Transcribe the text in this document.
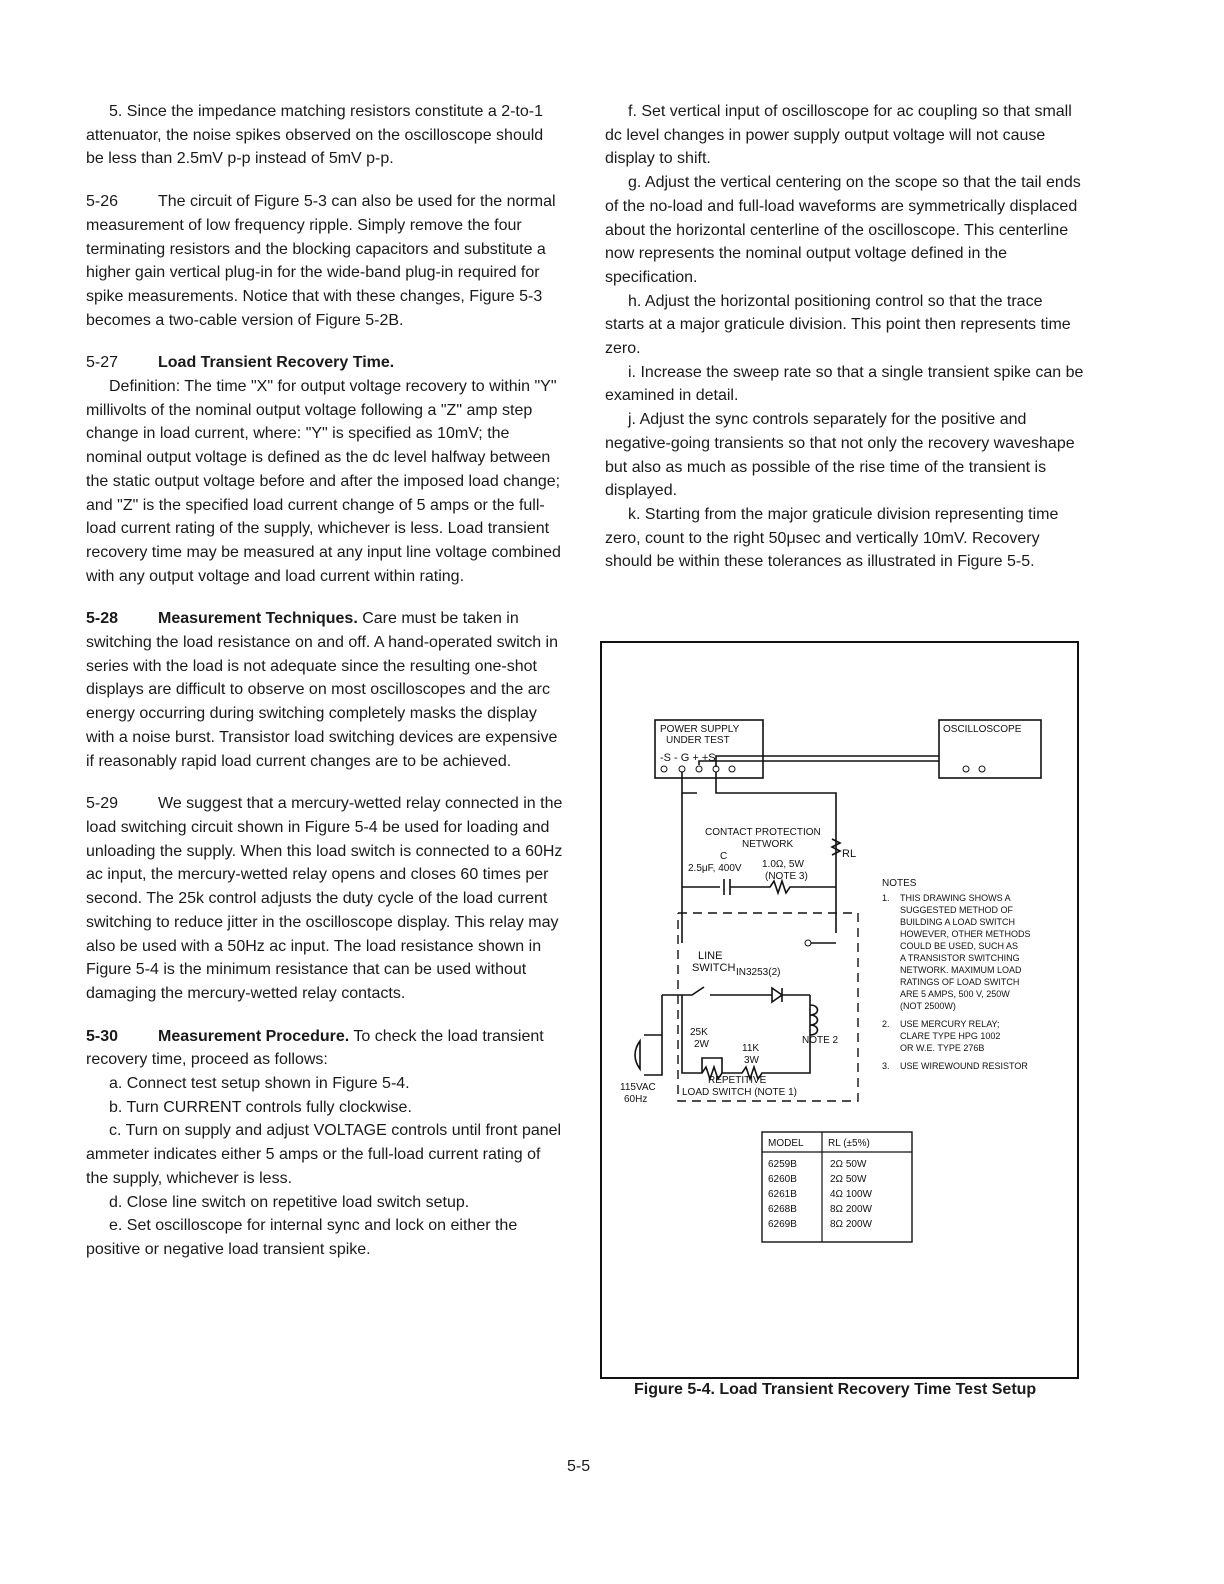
5. Since the impedance matching resistors constitute a 2-to-1 attenuator, the noise spikes observed on the oscilloscope should be less than 2.5mV p-p instead of 5mV p-p.

5-26 The circuit of Figure 5-3 can also be used for the normal measurement of low frequency ripple. Simply remove the four terminating resistors and the blocking capacitors and substitute a higher gain vertical plug-in for the wide-band plug-in required for spike measurements. Notice that with these changes, Figure 5-3 becomes a two-cable version of Figure 5-2B.

5-27 Load Transient Recovery Time.

Definition: The time "X" for output voltage recovery to within "Y" millivolts of the nominal output voltage following a "Z" amp step change in load current, where: "Y" is specified as 10mV; the nominal output voltage is defined as the dc level halfway between the static output voltage before and after the imposed load change; and "Z" is the specified load current change of 5 amps or the full-load current rating of the supply, whichever is less. Load transient recovery time may be measured at any input line voltage combined with any output voltage and load current within rating.

5-28 Measurement Techniques. Care must be taken in switching the load resistance on and off. A hand-operated switch in series with the load is not adequate since the resulting one-shot displays are difficult to observe on most oscilloscopes and the arc energy occurring during switching completely masks the display with a noise burst. Transistor load switching devices are expensive if reasonably rapid load current changes are to be achieved.

5-29 We suggest that a mercury-wetted relay connected in the load switching circuit shown in Figure 5-4 be used for loading and unloading the supply. When this load switch is connected to a 60Hz ac input, the mercury-wetted relay opens and closes 60 times per second. The 25k control adjusts the duty cycle of the load current switching to reduce jitter in the oscilloscope display. This relay may also be used with a 50Hz ac input. The load resistance shown in Figure 5-4 is the minimum resistance that can be used without damaging the mercury-wetted relay contacts.

5-30 Measurement Procedure. To check the load transient recovery time, proceed as follows:

a. Connect test setup shown in Figure 5-4.

b. Turn CURRENT controls fully clockwise.

c. Turn on supply and adjust VOLTAGE controls until front panel ammeter indicates either 5 amps or the full-load current rating of the supply, whichever is less.

d. Close line switch on repetitive load switch setup.

e. Set oscilloscope for internal sync and lock on either the positive or negative load transient spike.

f. Set vertical input of oscilloscope for ac coupling so that small dc level changes in power supply output voltage will not cause display to shift.

g. Adjust the vertical centering on the scope so that the tail ends of the no-load and full-load waveforms are symmetrically displaced about the horizontal centerline of the oscilloscope. This centerline now represents the nominal output voltage defined in the specification.

h. Adjust the horizontal positioning control so that the trace starts at a major graticule division. This point then represents time zero.

i. Increase the sweep rate so that a single transient spike can be examined in detail.

j. Adjust the sync controls separately for the positive and negative-going transients so that not only the recovery waveshape but also as much as possible of the rise time of the transient is displayed.

k. Starting from the major graticule division representing time zero, count to the right 50μsec and vertically 10mV. Recovery should be within these tolerances as illustrated in Figure 5-5.

POWER SUPPLY
UNDER TEST
-S - G + +S
OSCILLOSCOPE
CONTACT PROTECTION
NETWORK
C
2.5μF, 400V 1.0Ω, 5W
(NOTE 3)
RL
LINE
SWITCH IN3253(2)
NOTE 2
25K
2W	11K
3W
115VAC
60Hz
REPETITIVE
LOAD SWITCH (NOTE 1)
NOTES
1. THIS DRAWING SHOWS A
SUGGESTED METHOD OF
BUILDING A LOAD SWITCH
HOWEVER, OTHER METHODS
COULD BE USED, SUCH AS
A TRANSISTOR SWITCHING
NETWORK. MAXIMUM LOAD
RATINGS OF LOAD SWITCH
ARE 5 AMPS, 500 V, 250W
(NOT 2500W)
2. USE MERCURY RELAY;
CLARE TYPE HPG 1002
OR W.E. TYPE 276B
3. USE WIREWOUND RESISTOR
MODEL RL (±5%)
6259B	2Ω 50W
6260B	2Ω 50W
6261B	4Ω 100W
6268B	8Ω 200W
6269B	8Ω 200W
Figure 5-4. Load Transient Recovery Time Test Setup
5-5
